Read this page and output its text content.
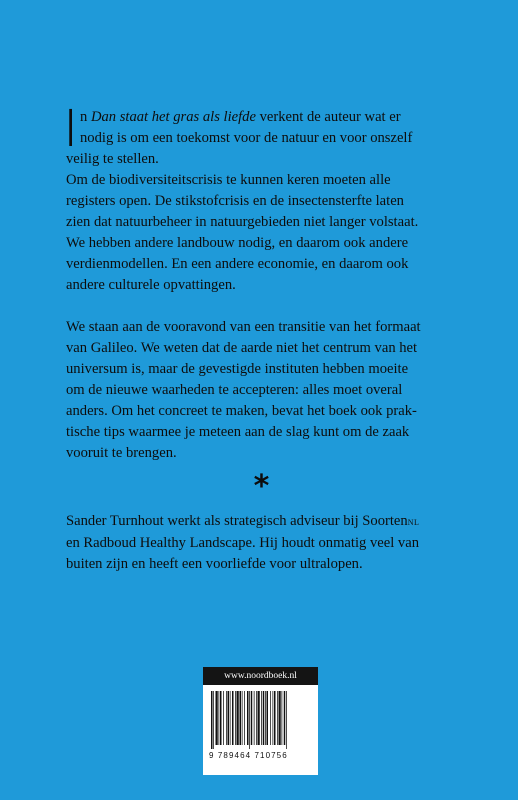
I n Dan staat het gras als liefde verkent de auteur wat er
nodig is om een toekomst voor de natuur en voor onszelf
veilig te stellen.

Om de biodiversiteitscrisis te kunnen keren moeten alle
registers open. De stikstofcrisis en de insectensterfte laten
zien dat natuurbeheer in natuurgebieden niet langer volstaat.
We hebben andere landbouw nodig, en daarom ook andere
verdienmodellen. En een andere economie, en daarom ook
andere culturele opvattingen.

We staan aan de vooravond van een transitie van het formaat
van Galileo. We weten dat de aarde niet het centrum van het
universum is, maar de gevestigde instituten hebben moeite
om de nieuwe waarheden te accepteren: alles moet overal
anders. Om het concreet te maken, bevat het boek ook prak-
tische tips waarmee je meteen aan de slag kunt om de zaak
vooruit te brengen.

*

Sander Turnhout werkt als strategisch adviseur bij Soortennl
en Radboud Healthy Landscape. Hij houdt onmatig veel van
buiten zijn en heeft een voorliefde voor ultralopen.

www.noordboek.nl
9 789464 710756
